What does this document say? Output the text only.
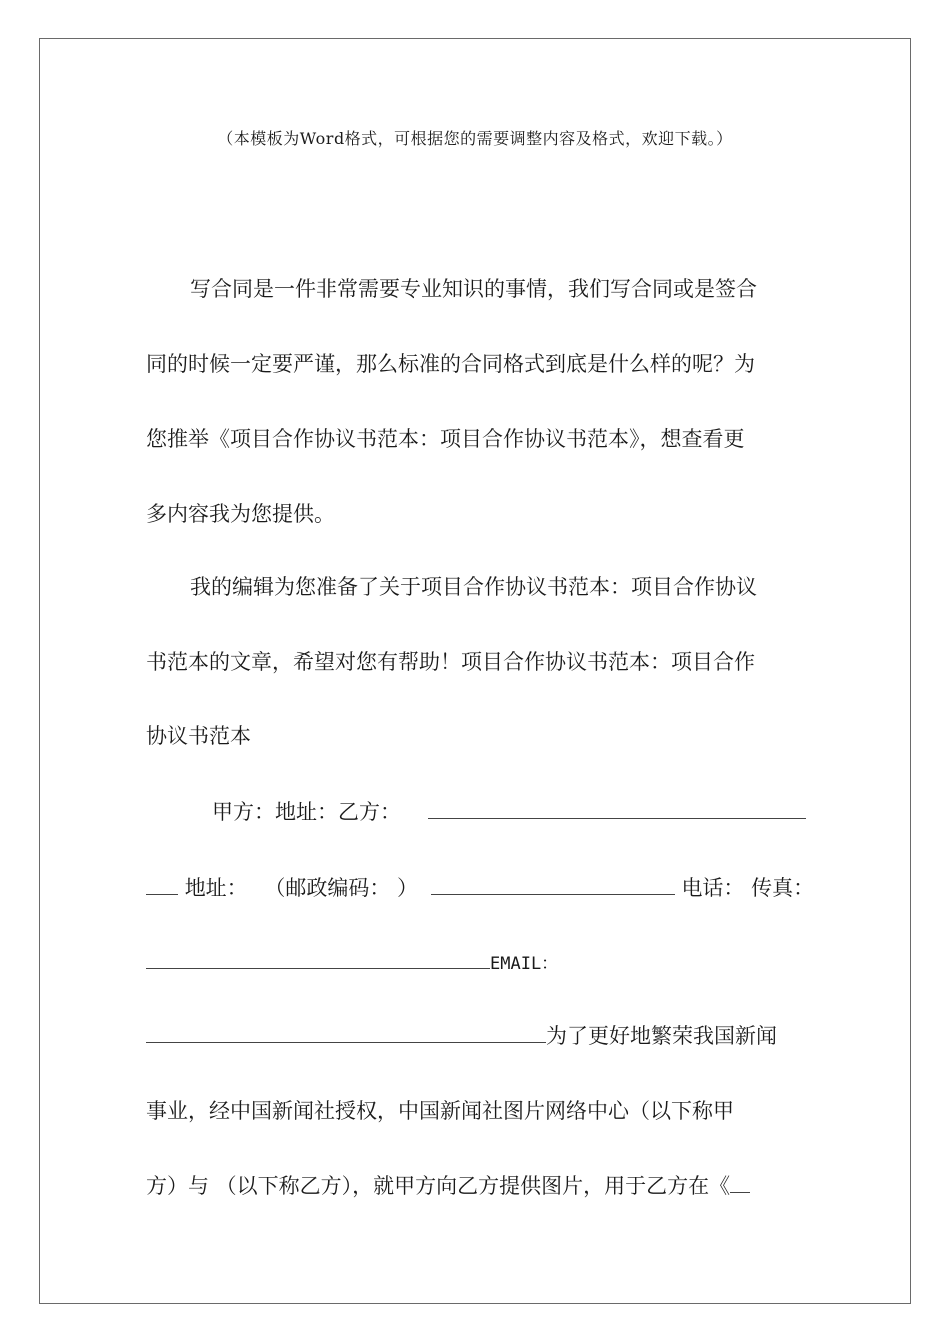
（本模板为Word格式，可根据您的需要调整内容及格式，欢迎下载。）
写合同是一件非常需要专业知识的事情，我们写合同或是签合
同的时候一定要严谨，那么标准的合同格式到底是什么样的呢？为
您推举《项目合作协议书范本：项目合作协议书范本》，想查看更
多内容我为您提供。
我的编辑为您准备了关于项目合作协议书范本：项目合作协议
书范本的文章，希望对您有帮助！项目合作协议书范本：项目合作
协议书范本
甲方：地址：乙方：
地址： （邮政编码： ）	电话： 传真：
EMAIL：
为了更好地繁荣我国新闻
事业，经中国新闻社授权，中国新闻社图片网络中心（以下称甲
方）与 （以下称乙方），就甲方向乙方提供图片，用于乙方在《
